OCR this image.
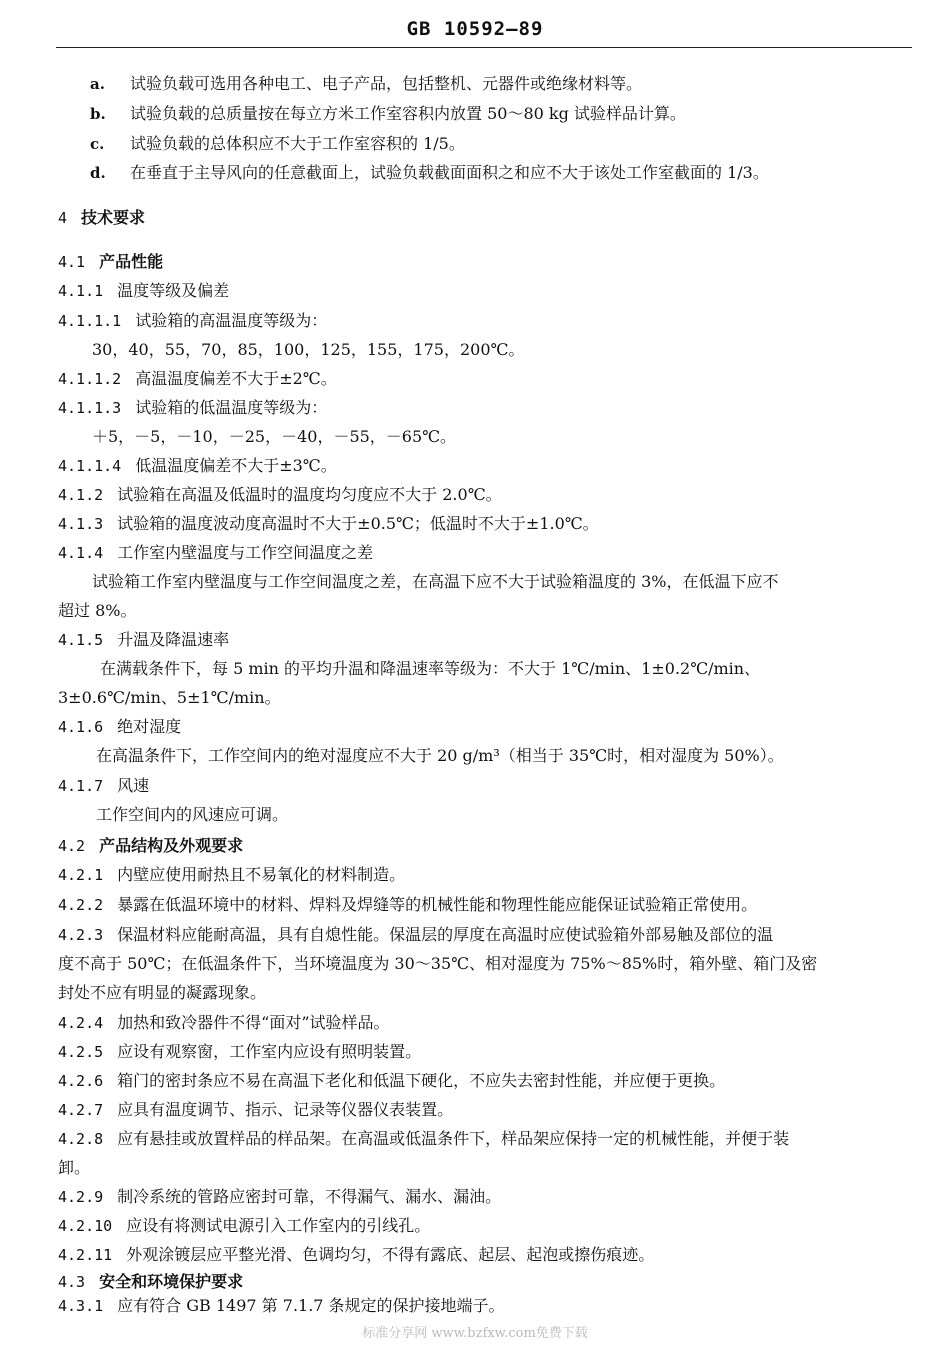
GB 10592—89
a. 试验负载可选用各种电工、电子产品，包括整机、元器件或绝缘材料等。
b. 试验负载的总质量按在每立方米工作室容积内放置 50～80 kg 试验样品计算。
c. 试验负载的总体积应不大于工作室容积的 1/5。
d. 在垂直于主导风向的任意截面上，试验负载截面面积之和应不大于该处工作室截面的 1/3。
4 技术要求
4.1 产品性能
4.1.1 温度等级及偏差
4.1.1.1 试验箱的高温温度等级为：
30，40，55，70，85，100，125，155，175，200℃。
4.1.1.2 高温温度偏差不大于±2℃。
4.1.1.3 试验箱的低温温度等级为：
＋5，－5，－10，－25，－40，－55，－65℃。
4.1.1.4 低温温度偏差不大于±3℃。
4.1.2 试验箱在高温及低温时的温度均匀度应不大于 2.0℃。
4.1.3 试验箱的温度波动度高温时不大于±0.5℃；低温时不大于±1.0℃。
4.1.4 工作室内壁温度与工作空间温度之差
试验箱工作室内壁温度与工作空间温度之差，在高温下应不大于试验箱温度的 3%，在低温下应不
超过 8%。
4.1.5 升温及降温速率
在满载条件下，每 5 min 的平均升温和降温速率等级为：不大于 1℃/min、1±0.2℃/min、
3±0.6℃/min、5±1℃/min。
4.1.6 绝对湿度
在高温条件下，工作空间内的绝对湿度应不大于 20 g/m³（相当于 35℃时，相对湿度为 50%）。
4.1.7 风速
工作空间内的风速应可调。
4.2 产品结构及外观要求
4.2.1 内壁应使用耐热且不易氧化的材料制造。
4.2.2 暴露在低温环境中的材料、焊料及焊缝等的机械性能和物理性能应能保证试验箱正常使用。
4.2.3 保温材料应能耐高温，具有自熄性能。保温层的厚度在高温时应使试验箱外部易触及部位的温
度不高于 50℃；在低温条件下，当环境温度为 30～35℃、相对湿度为 75%～85%时，箱外壁、箱门及密
封处不应有明显的凝露现象。
4.2.4 加热和致冷器件不得“面对”试验样品。
4.2.5 应设有观察窗，工作室内应设有照明装置。
4.2.6 箱门的密封条应不易在高温下老化和低温下硬化，不应失去密封性能，并应便于更换。
4.2.7 应具有温度调节、指示、记录等仪器仪表装置。
4.2.8 应有悬挂或放置样品的样品架。在高温或低温条件下，样品架应保持一定的机械性能，并便于装
卸。
4.2.9 制冷系统的管路应密封可靠，不得漏气、漏水、漏油。
4.2.10 应设有将测试电源引入工作室内的引线孔。
4.2.11 外观涂镀层应平整光滑、色调均匀，不得有露底、起层、起泡或擦伤痕迹。
4.3 安全和环境保护要求
4.3.1 应有符合 GB 1497 第 7.1.7 条规定的保护接地端子。
标准分享网 www.bzfxw.com免费下载
